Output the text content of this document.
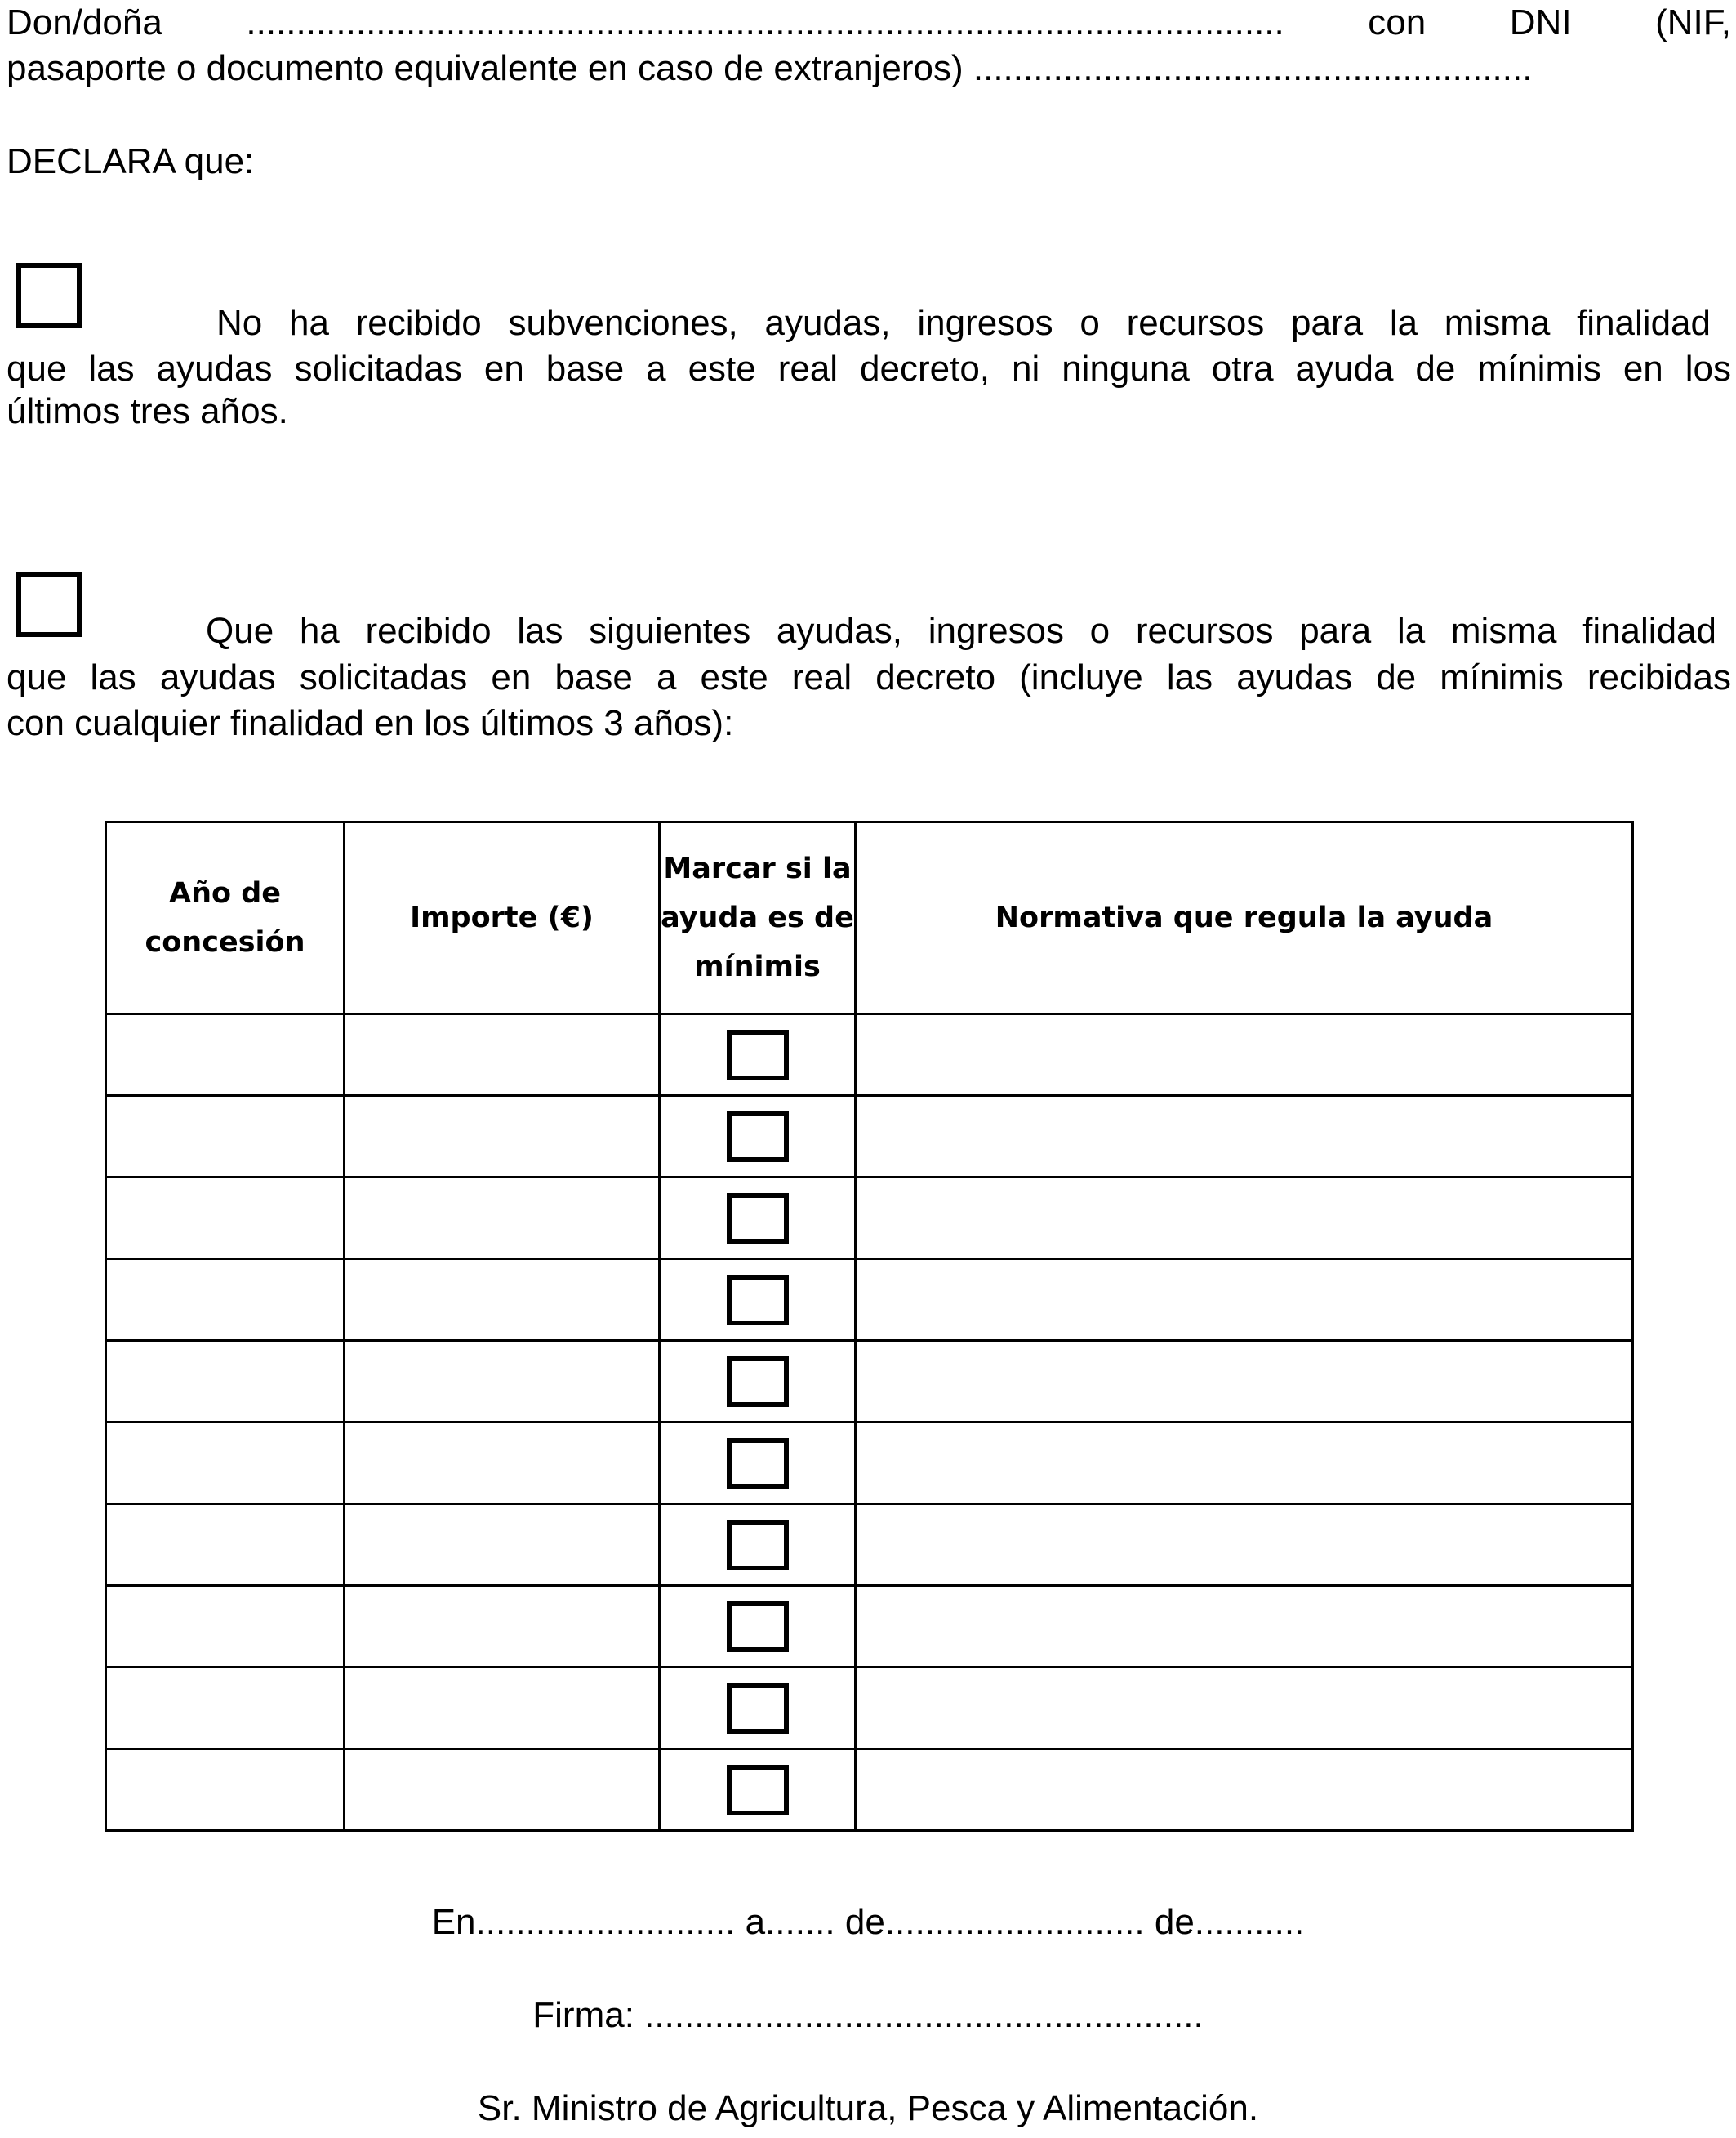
Don/doña ........................................................................................................ con DNI (NIF,

pasaporte o documento equivalente en caso de extranjeros) ........................................................

DECLARA que:

No ha recibido subvenciones, ayudas, ingresos o recursos para la misma finalidad

que las ayudas solicitadas en base a este real decreto, ni ninguna otra ayuda de mínimis en los

últimos tres años.

Que ha recibido las siguientes ayudas, ingresos o recursos para la misma finalidad

que las ayudas solicitadas en base a este real decreto (incluye las ayudas de mínimis recibidas

con cualquier finalidad en los últimos 3 años):

Año de
concesión	Importe (€)	Marcar si la
ayuda es de
mínimis	Normativa que regula la ayuda

En.......................... a....... de.......................... de...........

Firma: ........................................................

Sr. Ministro de Agricultura, Pesca y Alimentación.
